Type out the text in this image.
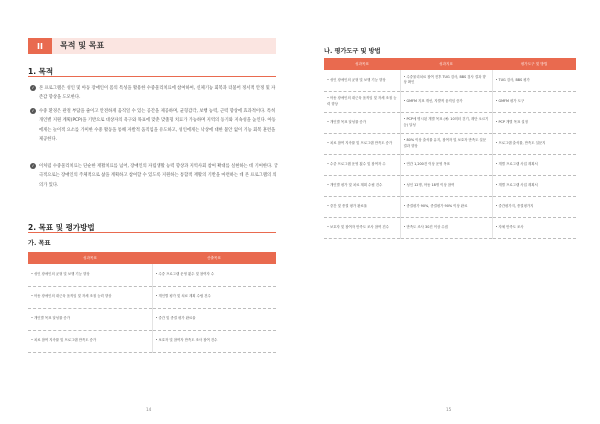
II	목적 및 목표
1. 목적
✓	본 프로그램은 성인 및 아동 장애인이 몸의 특성을 활용한 수중물리치료에 참여하여, 신체기능 회복과 더불어 정서적 안정 및 자존감 향상을 도모한다.
✓	수중 환경은 관절 부담을 줄이고 안전하게 움직일 수 있는 공간을 제공하며, 균형감각, 보행 능력, 근력 향상에 효과적이다. 특히 개인별 지원 계획(PCP)을 기반으로 대상자의 욕구와 목표에 맞춘 맞춤형 치료가 가능하며 지역의 동기와 지속성을 높인다. 아동에게는 놀이적 요소를 가미한 수중 활동을 통해 자발적 움직임을 유도하고, 성인에게는 낙상에 대한 불안 없이 기능 회복 훈련을 제공한다.
✓	이처럼 수중물리치료는 단순한 재활치료를 넘어, 장애인의 자립생활 능력 향상과 지역사회 참여 확대를 실현하는 데 기여한다. 궁극적으로는 장애인의 주체적으로 삶을 계획하고 참여할 수 있도록 지원하는 통합적 재활의 기반을 마련하는 데 본 프로그램의 의의가 있다.
2. 목표 및 평가방법
가. 목표
성과목표	산출목표
•성인 장애인의 균형 및 보행 기능 향상	•수중 프로그램 운영 횟수 및 참여자 수
•아동 장애인의 대근육 움직임 및 자세 조절 능력 향상	•개인별 평가 및 치료 계획 수립 건수
•개인별 목표 달성률 증가	•중간 및 종결 평가 완료율
•치료 참여 지속률 및 프로그램 만족도 증가	•보호자 및 참여자 만족도 조사 참여 건수
14
나. 평가도구 및 방법
성과목표	성과지표	평가도구 및 방법
•성인 장애인의 균형 및 보행 기능 향상	•수중물리치료 참여 전후 TUG 검사, BBS 검사 결과 향상 확인	•TUG 검사, BBS 평가
•아동 장애인의 대근육 움직임 및 자세 조절 능력 향상	•GMFM 지표 개선, 자발적 움직임 증가	•GMFM 평가 도구
•개인별 목표 달성률 증가	•PCP에 명시된 개별 목표 (예: 10미터 걷기, 계단 오르기 등) 달성	•PCP 개별 목표 설정
•치료 참여 지속률 및 프로그램 만족도 증가	•80% 이상 출석률 유지, 참여자 및 보호자 만족도 설문 결과 향상	•프로그램 출석률, 만족도 설문지
•수중 프로그램 운영 횟수 및 참여자 수	•연간 1,200건 이상 운영 목표	•개별 프로그램 사업 계획서
•개인별 평가 및 치료 계획 수립 건수	•성인 12명, 아동 18명 이상 참여	•개별 프로그램 사업 계획서
•중간 및 종결 평가 완료율	•종결평가 90%, 종결평가 90% 이상 완료	•중간평가지, 종결평가지
•보호자 및 참여자 만족도 조사 참여 건수	•만족도 조사 30건 이상 수집	•자체 만족도 조사
15
